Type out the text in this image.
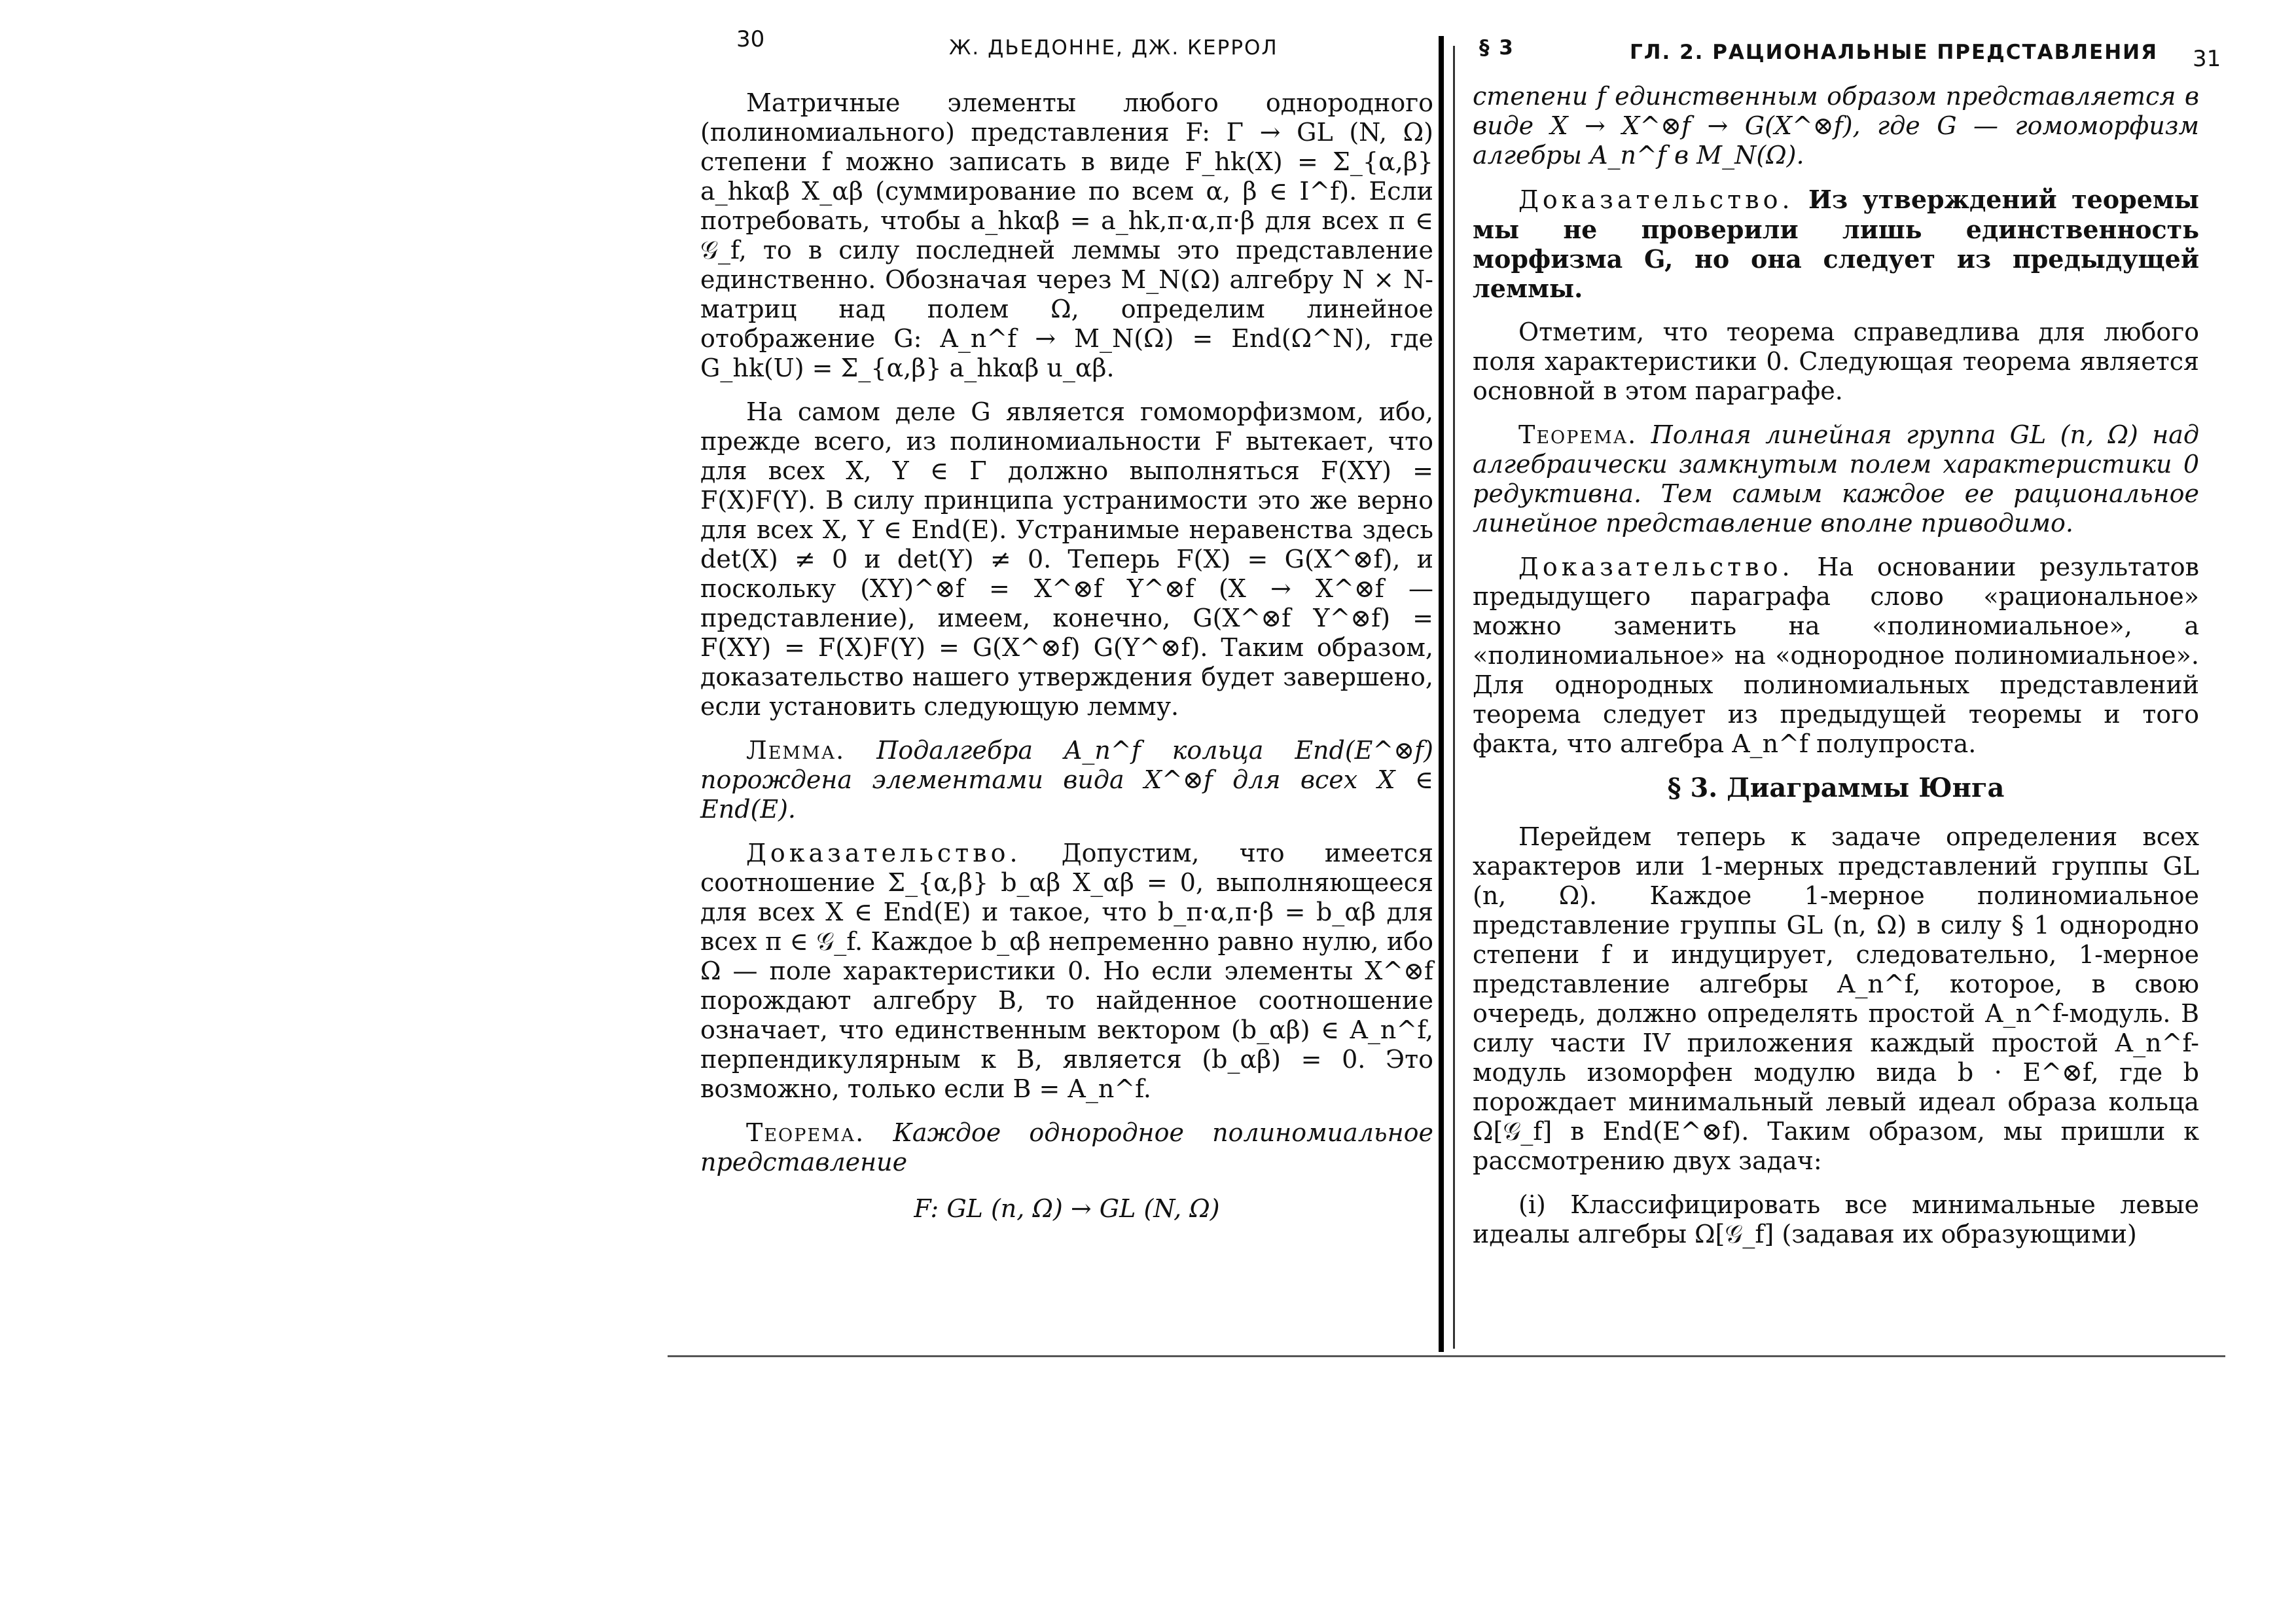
30	Ж. ДЬЕДОННЕ, ДЖ. КЕРРОЛ

Матричные элементы любого однородного (полиномиального) представления F: Γ → GL (N, Ω) степени f можно записать в виде F_hk(X) = Σ_{α,β} a_hkαβ X_αβ (суммирование по всем α, β ∈ I^f). Если потребовать, чтобы a_hkαβ = a_hk,π·α,π·β для всех π ∈ 𝒢_f, то в силу последней леммы это представление единственно. Обозначая через M_N(Ω) алгебру N × N-матриц над полем Ω, определим линейное отображение G: A_n^f → M_N(Ω) = End(Ω^N), где G_hk(U) = Σ_{α,β} a_hkαβ u_αβ.

На самом деле G является гомоморфизмом, ибо, прежде всего, из полиномиальности F вытекает, что для всех X, Y ∈ Γ должно выполняться F(XY) = F(X)F(Y). В силу принципа устранимости это же верно для всех X, Y ∈ End(E). Устранимые неравенства здесь det(X) ≠ 0 и det(Y) ≠ 0. Теперь F(X) = G(X^⊗f), и поскольку (XY)^⊗f = X^⊗f Y^⊗f (X → X^⊗f — представление), имеем, конечно, G(X^⊗f Y^⊗f) = F(XY) = F(X)F(Y) = G(X^⊗f) G(Y^⊗f). Таким образом, доказательство нашего утверждения будет завершено, если установить следующую лемму.

Лемма. Подалгебра A_n^f кольца End(E^⊗f) порождена элементами вида X^⊗f для всех X ∈ End(E).

Доказательство. Допустим, что имеется соотношение Σ_{α,β} b_αβ X_αβ = 0, выполняющееся для всех X ∈ End(E) и такое, что b_π·α,π·β = b_αβ для всех π ∈ 𝒢_f. Каждое b_αβ непременно равно нулю, ибо Ω — поле характеристики 0. Но если элементы X^⊗f порождают алгебру B, то найденное соотношение означает, что единственным вектором (b_αβ) ∈ A_n^f, перпендикулярным к B, является (b_αβ) = 0. Это возможно, только если B = A_n^f.

Теорема. Каждое однородное полиномиальное представление

F: GL (n, Ω) → GL (N, Ω)
§ 3	ГЛ. 2. РАЦИОНАЛЬНЫЕ ПРЕДСТАВЛЕНИЯ 31

степени f единственным образом представляется в виде X → X^⊗f → G(X^⊗f), где G — гомоморфизм алгебры A_n^f в M_N(Ω).

Доказательство. Из утверждений теоремы мы не проверили лишь единственность морфизма G, но она следует из предыдущей леммы.

Отметим, что теорема справедлива для любого поля характеристики 0. Следующая теорема является основной в этом параграфе.

Теорема. Полная линейная группа GL (n, Ω) над алгебраически замкнутым полем характеристики 0 редуктивна. Тем самым каждое ее рациональное линейное представление вполне приводимо.

Доказательство. На основании результатов предыдущего параграфа слово «рациональное» можно заменить на «полиномиальное», а «полиномиальное» на «однородное полиномиальное». Для однородных полиномиальных представлений теорема следует из предыдущей теоремы и того факта, что алгебра A_n^f полупроста.

§ 3. Диаграммы Юнга

Перейдем теперь к задаче определения всех характеров или 1-мерных представлений группы GL (n, Ω). Каждое 1-мерное полиномиальное представление группы GL (n, Ω) в силу § 1 однородно степени f и индуцирует, следовательно, 1-мерное представление алгебры A_n^f, которое, в свою очередь, должно определять простой A_n^f-модуль. В силу части IV приложения каждый простой A_n^f-модуль изоморфен модулю вида b · E^⊗f, где b порождает минимальный левый идеал образа кольца Ω[𝒢_f] в End(E^⊗f). Таким образом, мы пришли к рассмотрению двух задач:

(i) Классифицировать все минимальные левые идеалы алгебры Ω[𝒢_f] (задавая их образующими)
